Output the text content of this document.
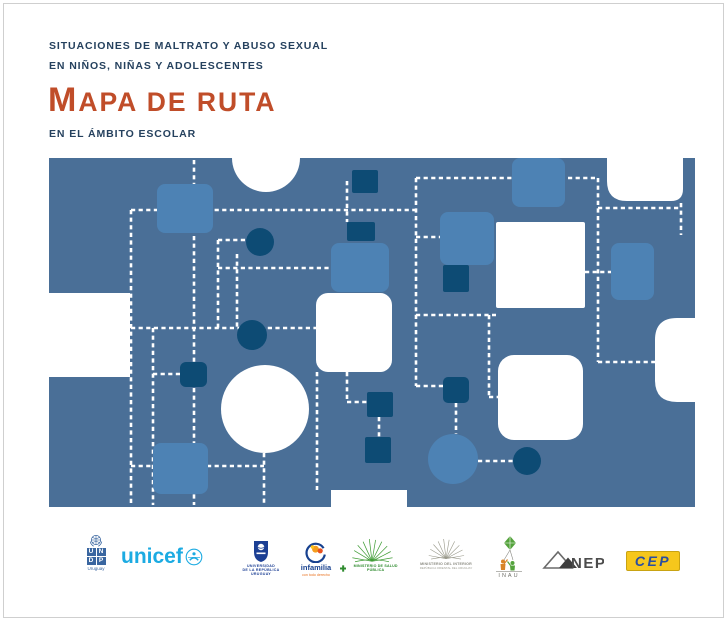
SITUACIONES DE MALTRATO Y ABUSO SEXUAL
EN NIÑOS, NIÑAS Y ADOLESCENTES
MAPA DE RUTA
EN EL ÁMBITO ESCOLAR
U N
D P
Uruguay
unicef	UNIVERSIDAD
DE LA REPÚBLICA
URUGUAY
infamilia
con todo derecho
MINISTERIO DE SALUD PÚBLICA
MINISTERIO DEL INTERIOR
REPÚBLICA ORIENTAL DEL URUGUAY
INAU
NEP CEP
